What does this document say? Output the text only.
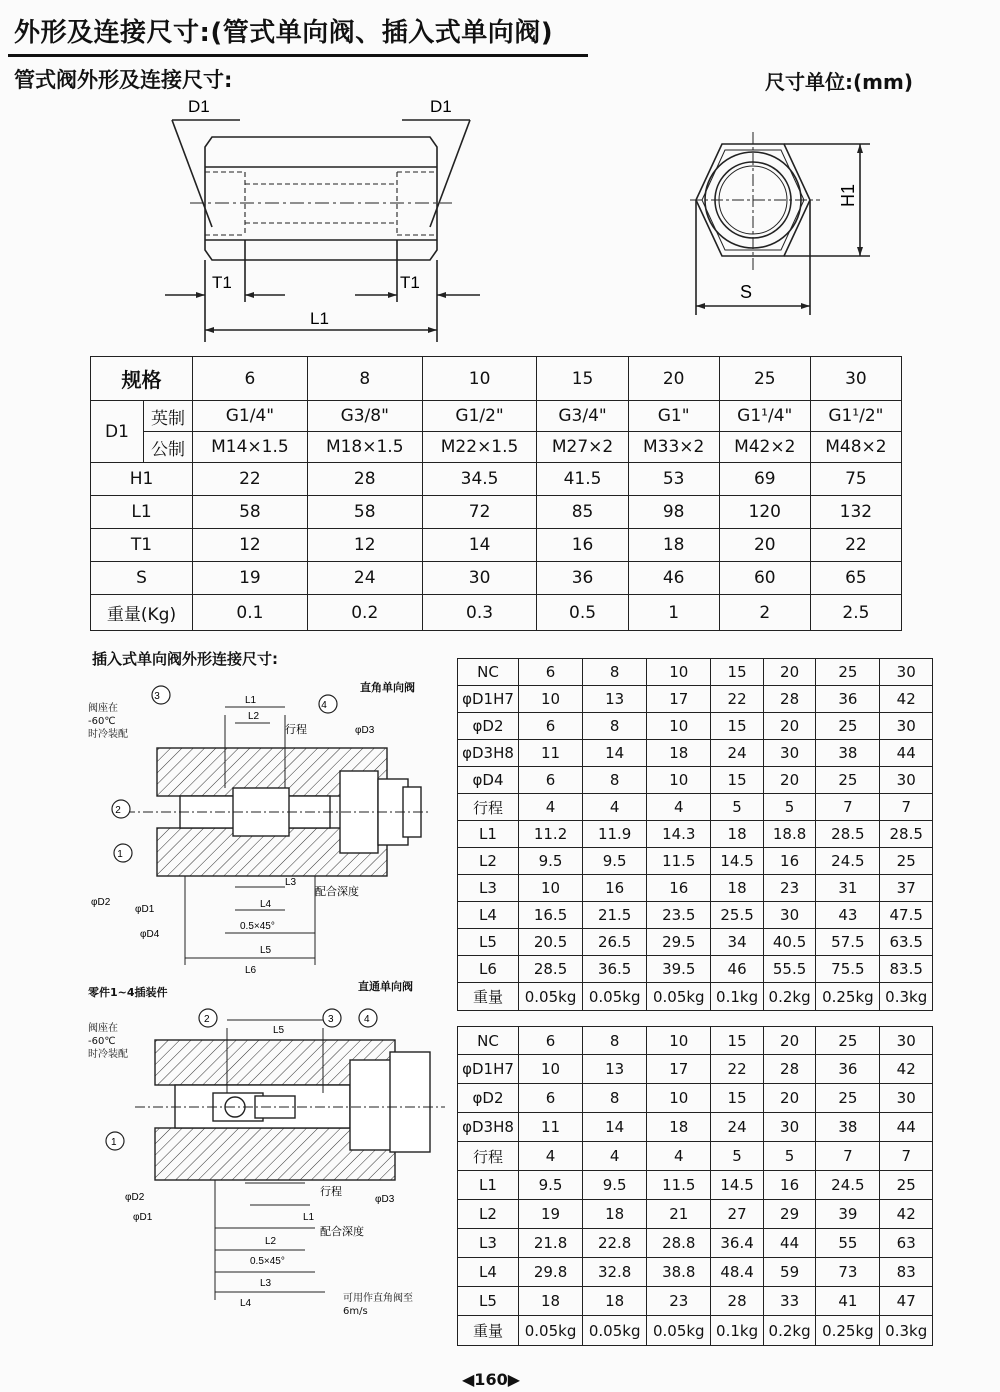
外形及连接尺寸:(管式单向阀、插入式单向阀)
管式阀外形及连接尺寸:	尺寸单位:(mm)
D1	D1
T1	T1
L1
H1
S
规格		6	8	10	15	20	25	30
D1	英制	G1/4"	G3/8"	G1/2"	G3/4"	G1"	G1¹/4"	G1¹/2"
	公制	M14×1.5	M18×1.5	M22×1.5	M27×2	M33×2	M42×2	M48×2
H1		22	28	34.5	41.5	53	69	75
L1		58	58	72	85	98	120	132
T1		12	12	14	16	18	20	22
S		19	24	30	36	46	60	65
重量(Kg)		0.1	0.2	0.3	0.5	1	2	2.5
插入式单向阀外形连接尺寸:
3
4
2
1
L1
L2
行程	φD3
配合深度
L3
L4
0.5×45°
L5
L6
φD2
φD1
φD4
直角单向阀
阀座在
-60℃
时冷装配
零件1~4插装件	直通单向阀
2	3	4
1
L5
行程
φD3
L1
配合深度
L2
0.5×45°
L3
L4
φD2
φD1
阀座在
-60℃
时冷装配
可用作直角阀至
6m/s
NC	6	8	10	15	20	25	30
φD1H7	10	13	17	22	28	36	42
φD2	6	8	10	15	20	25	30
φD3H8	11	14	18	24	30	38	44
φD4	6	8	10	15	20	25	30
行程	4	4	4	5	5	7	7
L1	11.2	11.9	14.3	18	18.8	28.5	28.5
L2	9.5	9.5	11.5	14.5	16	24.5	25
L3	10	16	16	18	23	31	37
L4	16.5	21.5	23.5	25.5	30	43	47.5
L5	20.5	26.5	29.5	34	40.5	57.5	63.5
L6	28.5	36.5	39.5	46	55.5	75.5	83.5
重量	0.05kg	0.05kg	0.05kg	0.1kg	0.2kg	0.25kg	0.3kg
NC	6	8	10	15	20	25	30
φD1H7	10	13	17	22	28	36	42
φD2	6	8	10	15	20	25	30
φD3H8	11	14	18	24	30	38	44
行程	4	4	4	5	5	7	7
L1	9.5	9.5	11.5	14.5	16	24.5	25
L2	19	18	21	27	29	39	42
L3	21.8	22.8	28.8	36.4	44	55	63
L4	29.8	32.8	38.8	48.4	59	73	83
L5	18	18	23	28	33	41	47
重量	0.05kg	0.05kg	0.05kg	0.1kg	0.2kg	0.25kg	0.3kg
◀160▶
